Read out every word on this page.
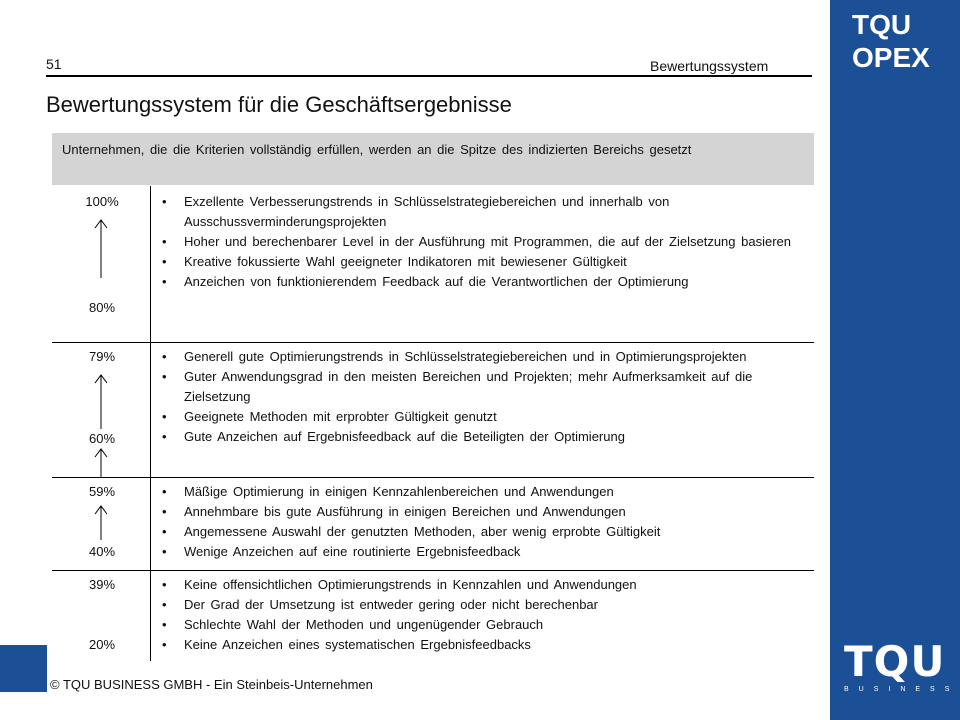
TQU
OPEX
TQU
BUSINESS
51	Bewertungssystem
Bewertungssystem für die Geschäftsergebnisse
Unternehmen, die die Kriterien vollständig erfüllen, werden an die Spitze des indizierten Bereichs gesetzt
100%
80%
• Exzellente Verbesserungstrends in Schlüsselstrategiebereichen und innerhalb von Ausschussverminderungsprojekten
• Hoher und berechenbarer Level in der Ausführung mit Programmen, die auf der Zielsetzung basieren
• Kreative fokussierte Wahl geeigneter Indikatoren mit bewiesener Gültigkeit
• Anzeichen von funktionierendem Feedback auf die Verantwortlichen der Optimierung
79%
60%
• Generell gute Optimierungstrends in Schlüsselstrategiebereichen und in Optimierungsprojekten
• Guter Anwendungsgrad in den meisten Bereichen und Projekten; mehr Aufmerksamkeit auf die Zielsetzung
• Geeignete Methoden mit erprobter Gültigkeit genutzt
• Gute Anzeichen auf Ergebnisfeedback auf die Beteiligten der Optimierung
59%
40%
• Mäßige Optimierung in einigen Kennzahlenbereichen und Anwendungen
• Annehmbare bis gute Ausführung in einigen Bereichen und Anwendungen
• Angemessene Auswahl der genutzten Methoden, aber wenig erprobte Gültigkeit
• Wenige Anzeichen auf eine routinierte Ergebnisfeedback
39%
20%
• Keine offensichtlichen Optimierungstrends in Kennzahlen und Anwendungen
• Der Grad der Umsetzung ist entweder gering oder nicht berechenbar
• Schlechte Wahl der Methoden und ungenügender Gebrauch
• Keine Anzeichen eines systematischen Ergebnisfeedbacks
© TQU BUSINESS GMBH - Ein Steinbeis-Unternehmen
